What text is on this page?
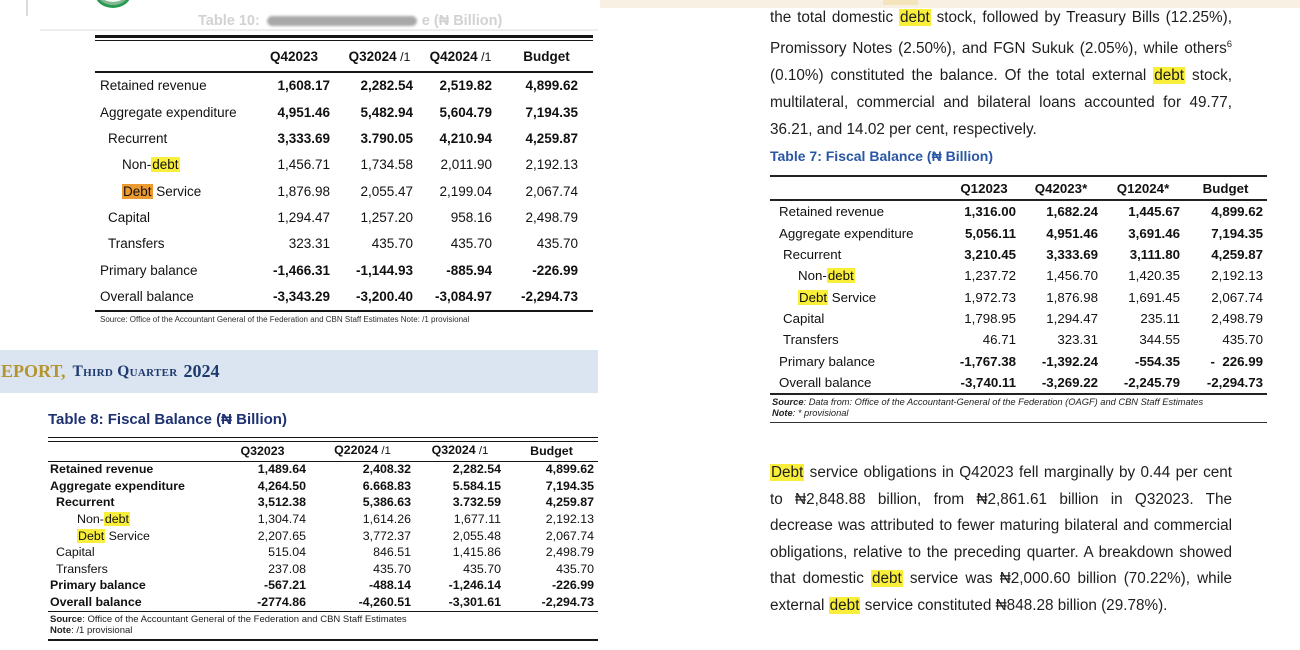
Table 10:	e (₦ Billion)
	Q42023	Q32024 /1	Q42024 /1	Budget
Retained revenue	1,608.17	2,282.54	2,519.82	4,899.62
Aggregate expenditure	4,951.46	5,482.94	5,604.79	7,194.35
Recurrent	3,333.69	3.790.05	4,210.94	4,259.87
Non-debt	1,456.71	1,734.58	2,011.90	2,192.13
Debt Service	1,876.98	2,055.47	2,199.04	2,067.74
Capital	1,294.47	1,257.20	958.16	2,498.79
Transfers	323.31	435.70	435.70	435.70
Primary balance	-1,466.31	-1,144.93	-885.94	-226.99
Overall balance	-3,343.29	-3,200.40	-3,084.97	-2,294.73
Source: Office of the Accountant General of the Federation and CBN Staff Estimates Note: /1 provisional
EPORT, Third Quarter 2024
Table 8: Fiscal Balance (₦ Billion)
	Q32023	Q22024 /1	Q32024 /1	Budget
Retained revenue	1,489.64	2,408.32	2,282.54	4,899.62
Aggregate expenditure	4,264.50	6.668.83	5.584.15	7,194.35
Recurrent	3,512.38	5,386.63	3.732.59	4,259.87
Non-debt	1,304.74	1,614.26	1,677.11	2,192.13
Debt Service	2,207.65	3,772.37	2,055.48	2,067.74
Capital	515.04	846.51	1,415.86	2,498.79
Transfers	237.08	435.70	435.70	435.70
Primary balance	-567.21	-488.14	-1,246.14	-226.99
Overall balance	-2774.86	-4,260.51	-3,301.61	-2,294.73
Source: Office of the Accountant General of the Federation and CBN Staff Estimates
Note: /1 provisional

the total domestic debt stock, followed by Treasury Bills (12.25%), Promissory Notes (2.50%), and FGN Sukuk (2.05%), while others$^6$ (0.10%) constituted the balance. Of the total external debt stock, multilateral, commercial and bilateral loans accounted for 49.77, 36.21, and 14.02 per cent, respectively.

Table 7: Fiscal Balance (₦ Billion)
	Q12023	Q42023*	Q12024*	Budget
Retained revenue	1,316.00	1,682.24	1,445.67	4,899.62
Aggregate expenditure	5,056.11	4,951.46	3,691.46	7,194.35
Recurrent	3,210.45	3,333.69	3,111.80	4,259.87
Non-debt	1,237.72	1,456.70	1,420.35	2,192.13
Debt Service	1,972.73	1,876.98	1,691.45	2,067.74
Capital	1,798.95	1,294.47	235.11	2,498.79
Transfers	46.71	323.31	344.55	435.70
Primary balance	-1,767.38	-1,392.24	-554.35	-  226.99
Overall balance	-3,740.11	-3,269.22	-2,245.79	-2,294.73
Source: Data from: Office of the Accountant-General of the Federation (OAGF) and CBN Staff Estimates
Note: * provisional

Debt service obligations in Q42023 fell marginally by 0.44 per cent to ₦2,848.88 billion, from ₦2,861.61 billion in Q32023. The decrease was attributed to fewer maturing bilateral and commercial obligations, relative to the preceding quarter. A breakdown showed that domestic debt service was ₦2,000.60 billion (70.22%), while external debt service constituted ₦848.28 billion (29.78%).
